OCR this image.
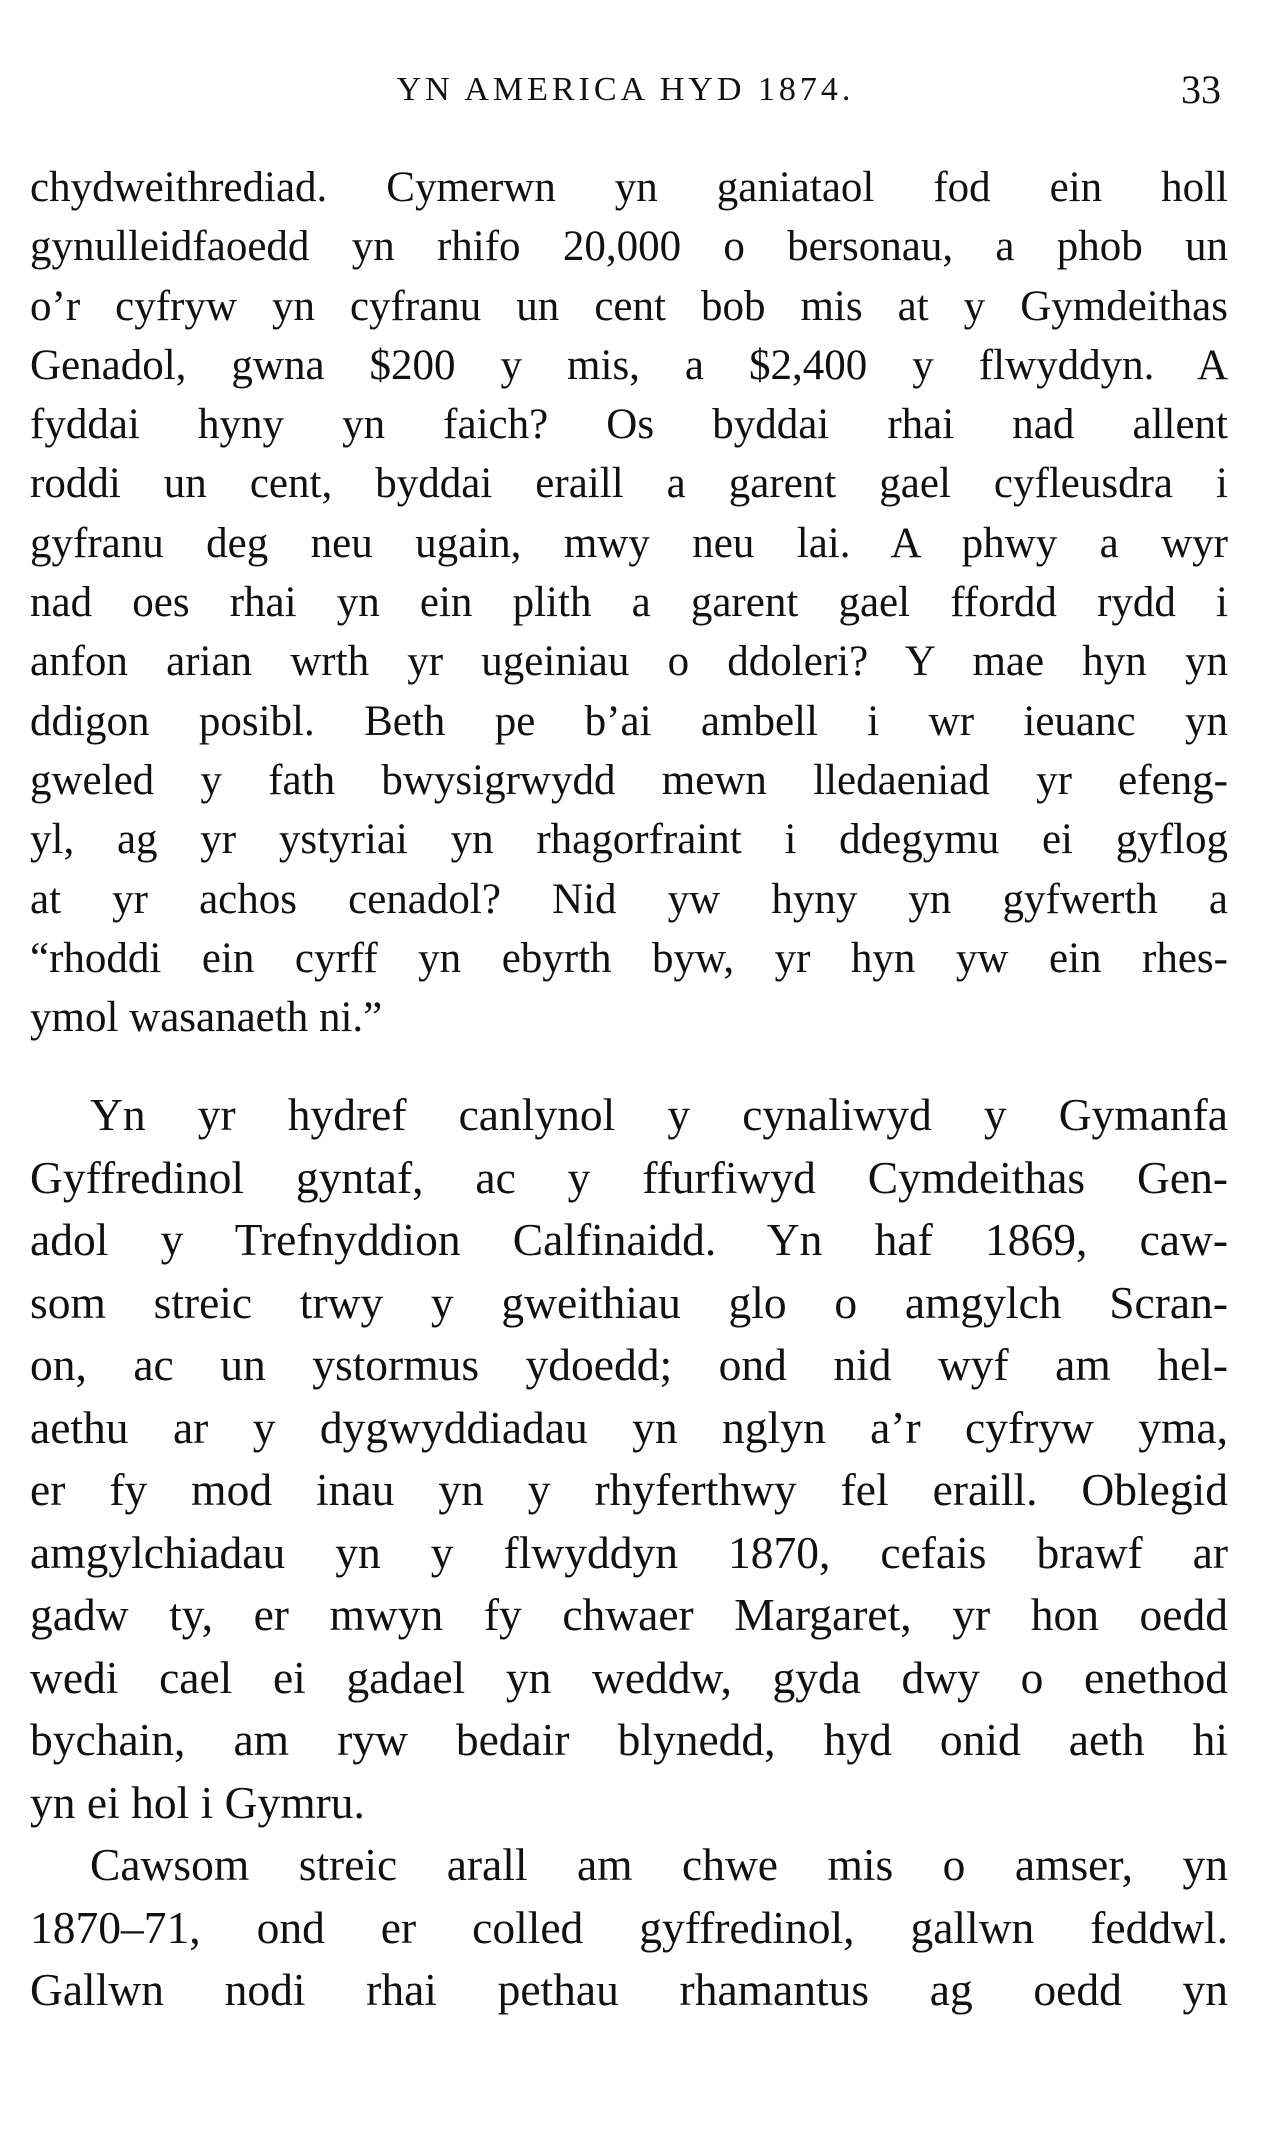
YN AMERICA HYD 1874.	33
chydweithrediad. Cymerwn yn ganiataol fod ein holl
gynulleidfaoedd yn rhifo 20,000 o bersonau, a phob un
o’r cyfryw yn cyfranu un cent bob mis at y Gymdeithas
Genadol, gwna $200 y mis, a $2,400 y flwyddyn. A
fyddai hyny yn faich? Os byddai rhai nad allent
roddi un cent, byddai eraill a garent gael cyfleusdra i
gyfranu deg neu ugain, mwy neu lai. A phwy a wyr
nad oes rhai yn ein plith a garent gael ffordd rydd i
anfon arian wrth yr ugeiniau o ddoleri? Y mae hyn yn
ddigon posibl. Beth pe b’ai ambell i wr ieuanc yn
gweled y fath bwysigrwydd mewn lledaeniad yr efeng-
yl, ag yr ystyriai yn rhagorfraint i ddegymu ei gyflog
at yr achos cenadol? Nid yw hyny yn gyfwerth a
“rhoddi ein cyrff yn ebyrth byw, yr hyn yw ein rhes-
ymol wasanaeth ni.”
Yn yr hydref canlynol y cynaliwyd y Gymanfa
Gyffredinol gyntaf, ac y ffurfiwyd Cymdeithas Gen-
adol y Trefnyddion Calfinaidd. Yn haf 1869, caw-
som streic trwy y gweithiau glo o amgylch Scran-
on, ac un ystormus ydoedd; ond nid wyf am hel-
aethu ar y dygwyddiadau yn nglyn a’r cyfryw yma,
er fy mod inau yn y rhyferthwy fel eraill. Oblegid
amgylchiadau yn y flwyddyn 1870, cefais brawf ar
gadw ty, er mwyn fy chwaer Margaret, yr hon oedd
wedi cael ei gadael yn weddw, gyda dwy o enethod
bychain, am ryw bedair blynedd, hyd onid aeth hi
yn ei hol i Gymru.
Cawsom streic arall am chwe mis o amser, yn
1870–71, ond er colled gyffredinol, gallwn feddwl.
Gallwn nodi rhai pethau rhamantus ag oedd yn
